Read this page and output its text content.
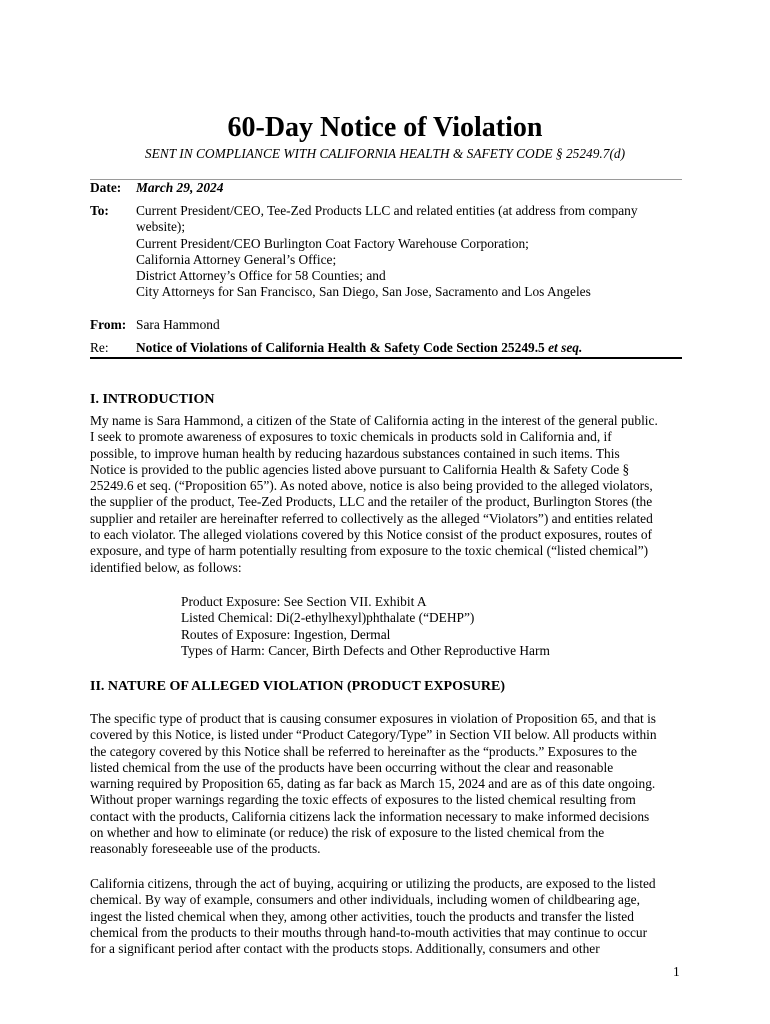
60-Day Notice of Violation
SENT IN COMPLIANCE WITH CALIFORNIA HEALTH & SAFETY CODE § 25249.7(d)
Date: March 29, 2024
To: Current President/CEO, Tee-Zed Products LLC and related entities (at address from company
website);
Current President/CEO Burlington Coat Factory Warehouse Corporation;
California Attorney General’s Office;
District Attorney’s Office for 58 Counties; and
City Attorneys for San Francisco, San Diego, San Jose, Sacramento and Los Angeles
From: Sara Hammond
Re: Notice of Violations of California Health & Safety Code Section 25249.5 et seq.
I. INTRODUCTION
My name is Sara Hammond, a citizen of the State of California acting in the interest of the general public.
I seek to promote awareness of exposures to toxic chemicals in products sold in California and, if
possible, to improve human health by reducing hazardous substances contained in such items. This
Notice is provided to the public agencies listed above pursuant to California Health & Safety Code §
25249.6 et seq. (“Proposition 65”). As noted above, notice is also being provided to the alleged violators,
the supplier of the product, Tee-Zed Products, LLC and the retailer of the product, Burlington Stores (the
supplier and retailer are hereinafter referred to collectively as the alleged “Violators”) and entities related
to each violator. The alleged violations covered by this Notice consist of the product exposures, routes of
exposure, and type of harm potentially resulting from exposure to the toxic chemical (“listed chemical”)
identified below, as follows:
Product Exposure: See Section VII. Exhibit A
Listed Chemical: Di(2-ethylhexyl)phthalate (“DEHP”)
Routes of Exposure: Ingestion, Dermal
Types of Harm: Cancer, Birth Defects and Other Reproductive Harm
II. NATURE OF ALLEGED VIOLATION (PRODUCT EXPOSURE)
The specific type of product that is causing consumer exposures in violation of Proposition 65, and that is
covered by this Notice, is listed under “Product Category/Type” in Section VII below. All products within
the category covered by this Notice shall be referred to hereinafter as the “products.” Exposures to the
listed chemical from the use of the products have been occurring without the clear and reasonable
warning required by Proposition 65, dating as far back as March 15, 2024 and are as of this date ongoing.
Without proper warnings regarding the toxic effects of exposures to the listed chemical resulting from
contact with the products, California citizens lack the information necessary to make informed decisions
on whether and how to eliminate (or reduce) the risk of exposure to the listed chemical from the
reasonably foreseeable use of the products.
California citizens, through the act of buying, acquiring or utilizing the products, are exposed to the listed
chemical. By way of example, consumers and other individuals, including women of childbearing age,
ingest the listed chemical when they, among other activities, touch the products and transfer the listed
chemical from the products to their mouths through hand-to-mouth activities that may continue to occur
for a significant period after contact with the products stops. Additionally, consumers and other
1
